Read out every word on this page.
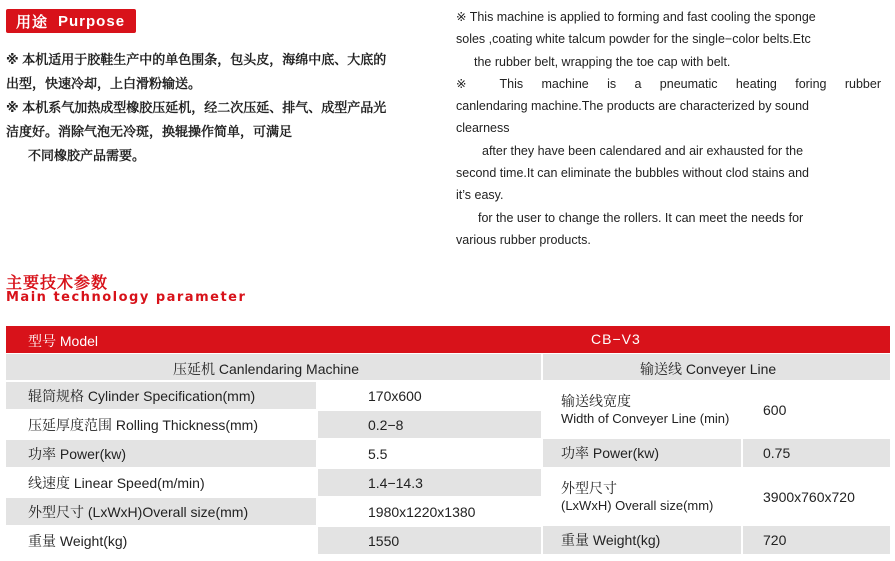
用途 Purpose

※ 本机适用于胶鞋生产中的单色围条，包头皮，海绵中底、大底的

出型，快速冷却，上白滑粉输送。

※ 本机系气加热成型橡胶压延机，经二次压延、排气、成型产品光

洁度好。消除气泡无冷斑，换辊操作简单，可满足

不同橡胶产品需要。

※ This machine is applied to forming and fast cooling the sponge

soles ,coating white talcum powder for the single−color belts.Etc

the rubber belt, wrapping the toe cap with belt.

※   This  machine  is  a  pneumatic  heating  foring  rubber

canlendaring machine.The products are characterized by sound

clearness

after they have been calendared and air exhausted for the

second time.It can eliminate the bubbles without clod stains and

it’s easy.

for the user to change the rollers. It can meet the needs for

various rubber products.

主要技术参数
Main technology parameter
型号 Model	CB−V3
压延机 Canlendaring Machine	输送线 Conveyer Line
辊筒规格 Cylinder Specification(mm)	170x600
压延厚度范围 Rolling Thickness(mm)	0.2−8
功率 Power(kw)	5.5
线速度 Linear Speed(m/min)	1.4−14.3
外型尺寸 (LxWxH)Overall size(mm)	1980x1220x1380
重量 Weight(kg)	1550
输送线宽度
Width of Conveyer Line (min)
600
功率 Power(kw)	0.75
外型尺寸
(LxWxH) Overall size(mm)
3900x760x720
重量 Weight(kg)	720
